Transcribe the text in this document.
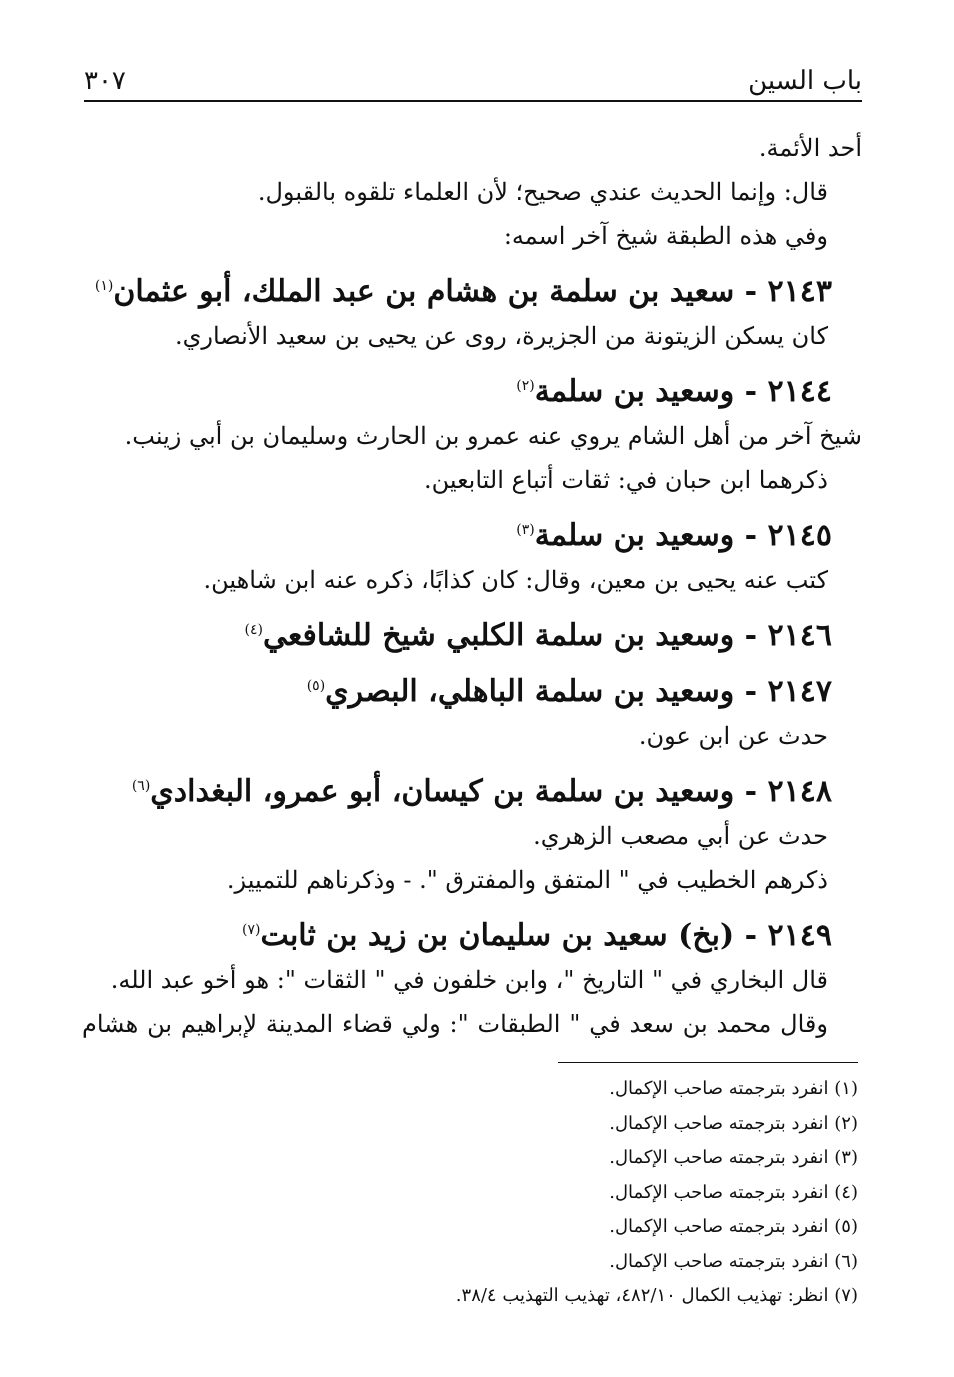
باب السين
٣٠٧
أحد الأئمة.
قال: وإنما الحديث عندي صحيح؛ لأن العلماء تلقوه بالقبول.
وفي هذه الطبقة شيخ آخر اسمه:
٢١٤٣ - سعيد بن سلمة بن هشام بن عبد الملك، أبو عثمان$^{(١)}$
كان يسكن الزيتونة من الجزيرة، روى عن يحيى بن سعيد الأنصاري.
٢١٤٤ - وسعيد بن سلمة$^{(٢)}$
شيخ آخر من أهل الشام يروي عنه عمرو بن الحارث وسليمان بن أبي زينب.
ذكرهما ابن حبان في: ثقات أتباع التابعين.
٢١٤٥ - وسعيد بن سلمة$^{(٣)}$
كتب عنه يحيى بن معين، وقال: كان كذابًا، ذكره عنه ابن شاهين.
٢١٤٦ - وسعيد بن سلمة الكلبي شيخ للشافعي$^{(٤)}$
٢١٤٧ - وسعيد بن سلمة الباهلي، البصري$^{(٥)}$
حدث عن ابن عون.
٢١٤٨ - وسعيد بن سلمة بن كيسان، أبو عمرو، البغدادي$^{(٦)}$
حدث عن أبي مصعب الزهري.
ذكرهم الخطيب في " المتفق والمفترق ". - وذكرناهم للتمييز.
٢١٤٩ - (بخ) سعيد بن سليمان بن زيد بن ثابت$^{(٧)}$
قال البخاري في " التاريخ "، وابن خلفون في " الثقات ": هو أخو عبد الله.
وقال محمد بن سعد في " الطبقات ": ولي قضاء المدينة لإبراهيم بن هشام
(١) انفرد بترجمته صاحب الإكمال.
(٢) انفرد بترجمته صاحب الإكمال.
(٣) انفرد بترجمته صاحب الإكمال.
(٤) انفرد بترجمته صاحب الإكمال.
(٥) انفرد بترجمته صاحب الإكمال.
(٦) انفرد بترجمته صاحب الإكمال.
(٧) انظر: تهذيب الكمال ٤٨٢/١٠، تهذيب التهذيب ٣٨/٤.
